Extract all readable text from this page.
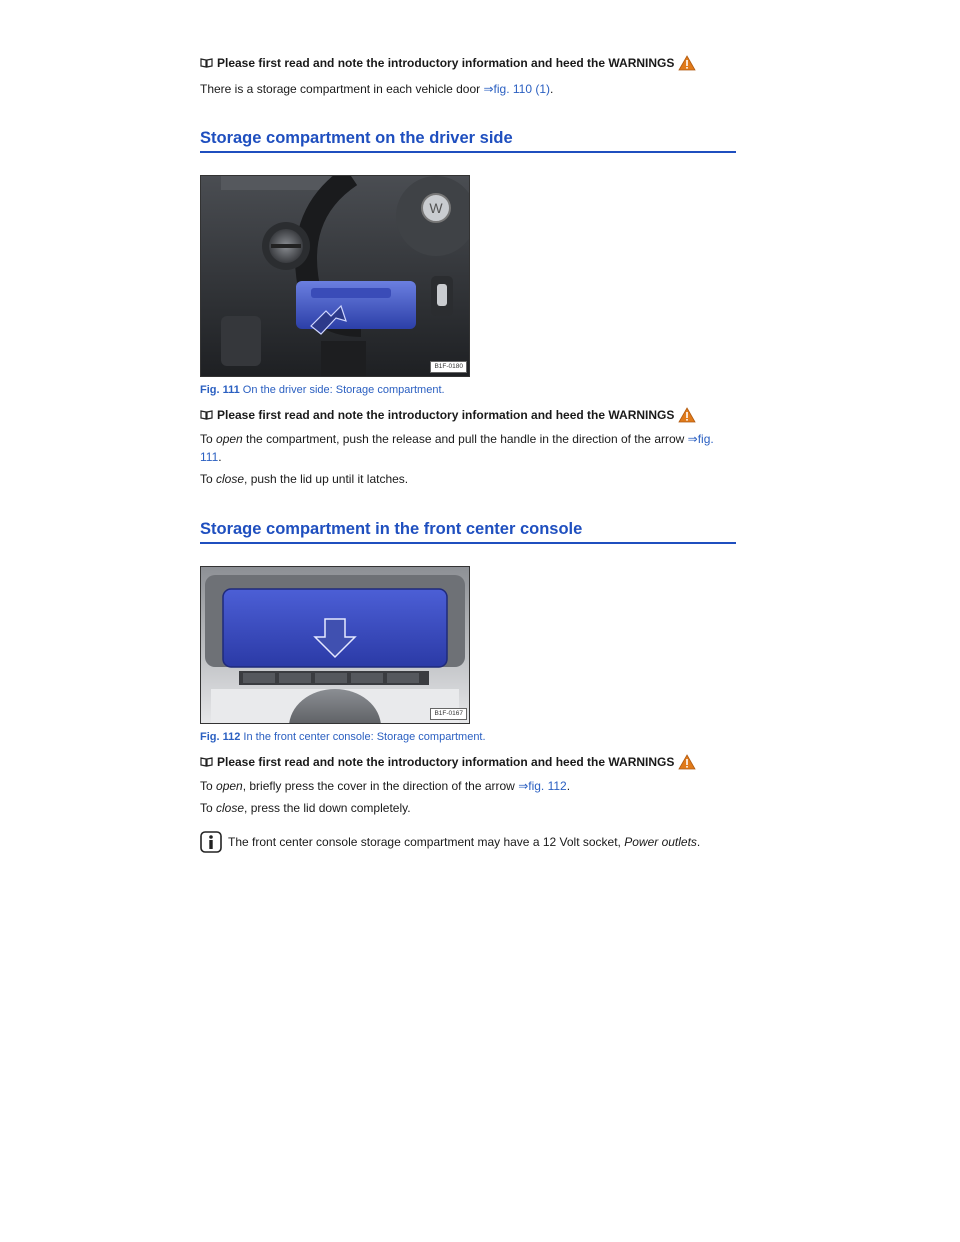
Please first read and note the introductory information and heed the WARNINGS

There is a storage compartment in each vehicle door ⇒fig. 110 (1).

Storage compartment on the driver side
W
B1F-0180

Fig. 111 On the driver side: Storage compartment.

Please first read and note the introductory information and heed the WARNINGS

To open the compartment, push the release and pull the handle in the direction of the arrow ⇒fig. 111.

To close, push the lid up until it latches.

Storage compartment in the front center console
B1F-0167

Fig. 112 In the front center console: Storage compartment.

Please first read and note the introductory information and heed the WARNINGS

To open, briefly press the cover in the direction of the arrow ⇒fig. 112.

To close, press the lid down completely.

The front center console storage compartment may have a 12 Volt socket, Power outlets.
